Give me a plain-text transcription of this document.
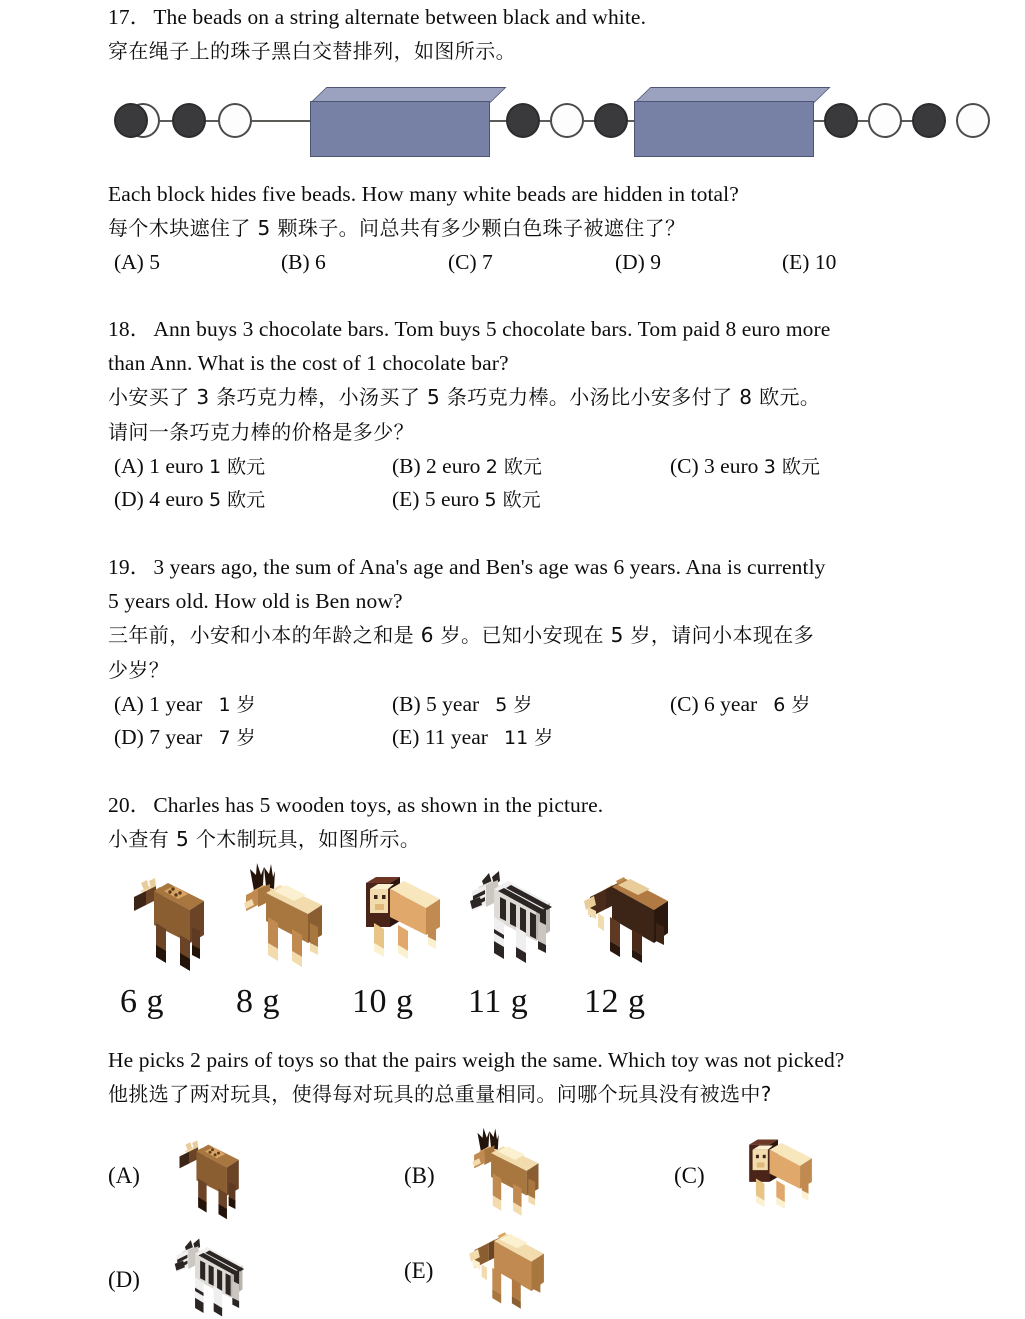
17．The beads on a string alternate between black and white.
穿在绳子上的珠子黑白交替排列，如图所示。
Each block hides five beads. How many white beads are hidden in total?
每个木块遮住了 5 颗珠子。问总共有多少颗白色珠子被遮住了？
(A) 5	(B) 6	(C) 7	(D) 9	(E) 10
18．Ann buys 3 chocolate bars. Tom buys 5 chocolate bars. Tom paid 8 euro more
than Ann. What is the cost of 1 chocolate bar?
小安买了 3 条巧克力棒，小汤买了 5 条巧克力棒。小汤比小安多付了 8 欧元。
请问一条巧克力棒的价格是多少？
(A) 1 euro 1 欧元	(B) 2 euro 2 欧元	(C) 3 euro 3 欧元
(D) 4 euro 5 欧元	(E) 5 euro 5 欧元
19．3 years ago, the sum of Ana's age and Ben's age was 6 years. Ana is currently
5 years old. How old is Ben now?
三年前，小安和小本的年龄之和是 6 岁。已知小安现在 5 岁，请问小本现在多
少岁？
(A) 1 year   1 岁	(B) 5 year   5 岁	(C) 6 year   6 岁
(D) 7 year   7 岁	(E) 11 year   11 岁
20．Charles has 5 wooden toys, as shown in the picture.
小查有 5 个木制玩具，如图所示。
6 g	8 g	10 g	11 g	12 g
He picks 2 pairs of toys so that the pairs weigh the same. Which toy was not picked?
他挑选了两对玩具，使得每对玩具的总重量相同。问哪个玩具没有被选中?
(A)	(B)	(C)
(D)	(E)
